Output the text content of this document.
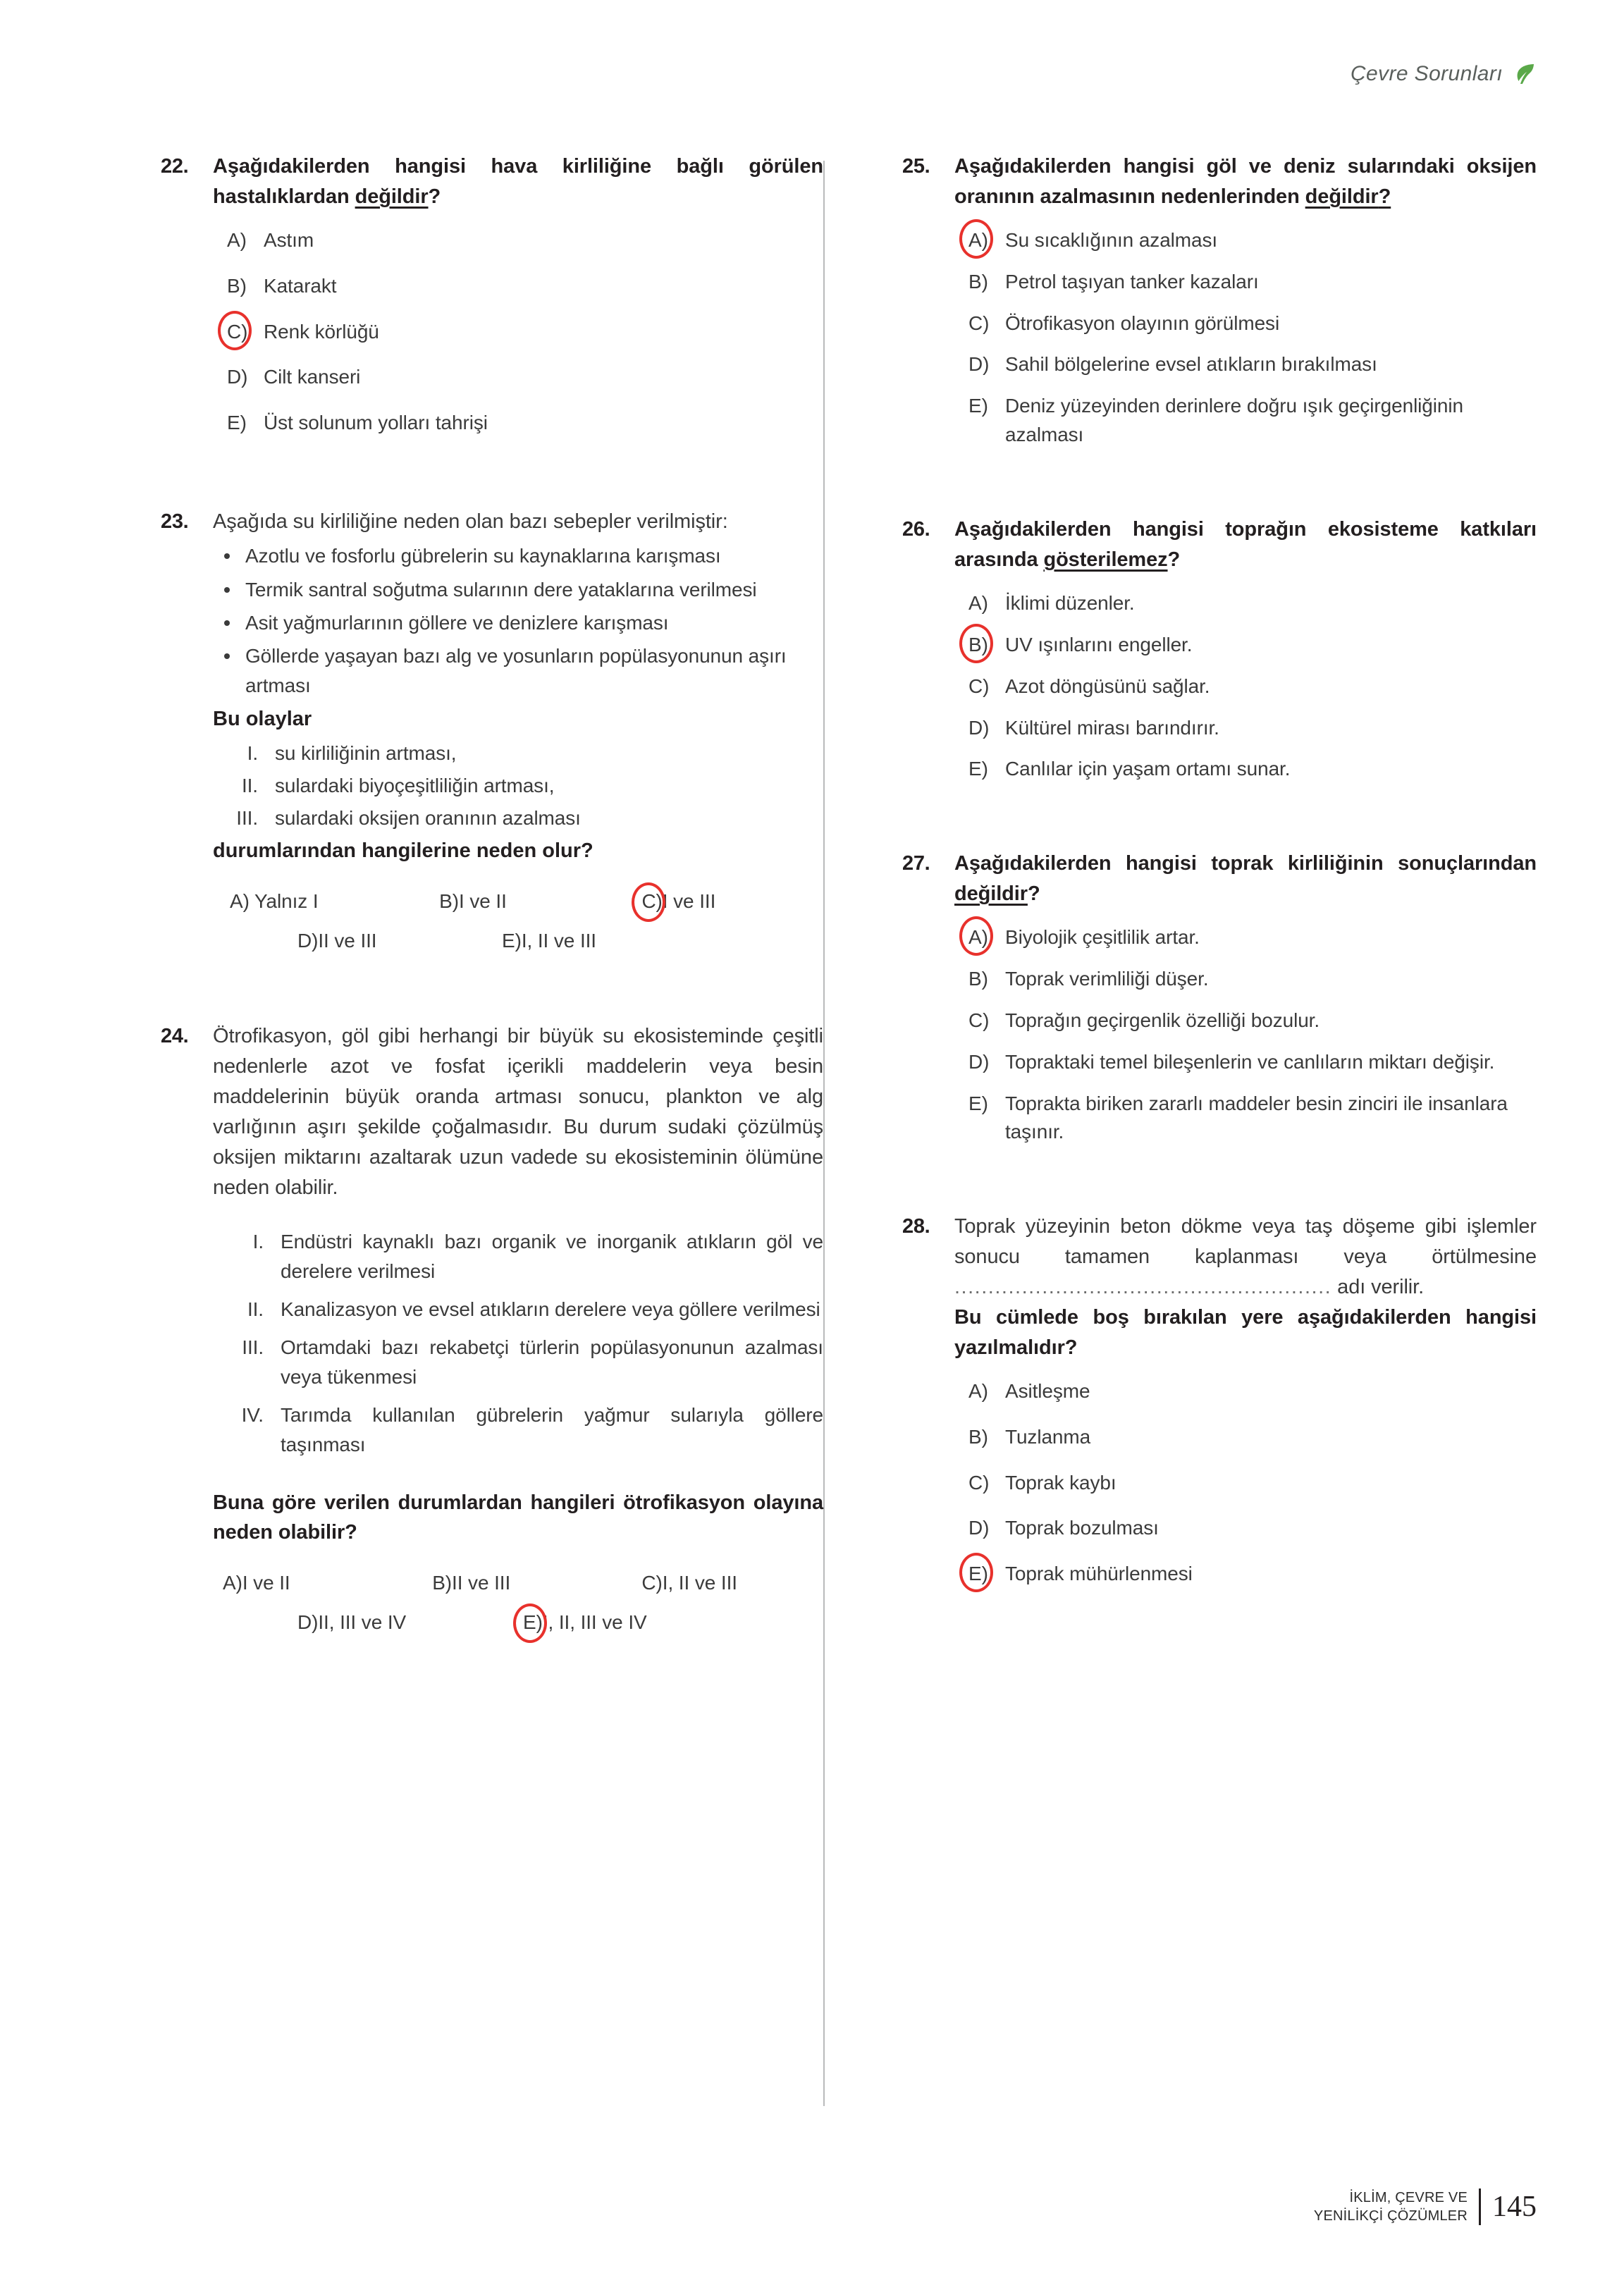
Çevre Sorunları
22.	Aşağıdakilerden hangisi hava kirliliğine bağlı görülen hastalıklardan değildir?
A) Astım
B) Katarakt
C) Renk körlüğü
D) Cilt kanseri
E) Üst solunum yolları tahrişi
23.	Aşağıda su kirliliğine neden olan bazı sebepler verilmiştir:
Azotlu ve fosforlu gübrelerin su kaynaklarına karışması
Termik santral soğutma sularının dere yataklarına verilmesi
Asit yağmurlarının göllere ve denizlere karışması
Göllerde yaşayan bazı alg ve yosunların popülasyonunun aşırı artması
Bu olaylar
I. su kirliliğinin artması,
II. sulardaki biyoçeşitliliğin artması,
III. sulardaki oksijen oranının azalması
durumlarından hangilerine neden olur?
A) Yalnız I	B)I ve II	C)I ve III
D)II ve III	E)I, II ve III
24.	Ötrofikasyon, göl gibi herhangi bir büyük su ekosisteminde çeşitli nedenlerle azot ve fosfat içerikli maddelerin veya besin maddelerinin büyük oranda artması sonucu, plankton ve alg varlığının aşırı şekilde çoğalmasıdır. Bu durum sudaki çözülmüş oksijen miktarını azaltarak uzun vadede su ekosisteminin ölümüne neden olabilir.
I. Endüstri kaynaklı bazı organik ve inorganik atıkların göl ve derelere verilmesi
II. Kanalizasyon ve evsel atıkların derelere veya göllere verilmesi
III. Ortamdaki bazı rekabetçi türlerin popülasyonunun azalması veya tükenmesi
IV. Tarımda kullanılan gübrelerin yağmur sularıyla göllere taşınması
Buna göre verilen durumlardan hangileri ötrofikasyon olayına neden olabilir?
A)I ve II	B)II ve III	C)I, II ve III
D)II, III ve IV	E)I, II, III ve IV
25.	Aşağıdakilerden hangisi göl ve deniz sularındaki oksijen oranının azalmasının nedenlerinden değildir?
A) Su sıcaklığının azalması
B) Petrol taşıyan tanker kazaları
C) Ötrofikasyon olayının görülmesi
D) Sahil bölgelerine evsel atıkların bırakılması
E) Deniz yüzeyinden derinlere doğru ışık geçirgenliğinin azalması
26.	Aşağıdakilerden hangisi toprağın ekosisteme katkıları arasında gösterilemez?
A) İklimi düzenler.
B) UV ışınlarını engeller.
C) Azot döngüsünü sağlar.
D) Kültürel mirası barındırır.
E) Canlılar için yaşam ortamı sunar.
27.	Aşağıdakilerden hangisi toprak kirliliğinin sonuçlarından değildir?
A) Biyolojik çeşitlilik artar.
B) Toprak verimliliği düşer.
C) Toprağın geçirgenlik özelliği bozulur.
D) Topraktaki temel bileşenlerin ve canlıların miktarı değişir.
E) Toprakta biriken zararlı maddeler besin zinciri ile insanlara taşınır.
28.	Toprak yüzeyinin beton dökme veya taş döşeme gibi işlemler sonucu tamamen kaplanması veya örtülmesine ........................................................ adı verilir.
Bu cümlede boş bırakılan yere aşağıdakilerden hangisi yazılmalıdır?
A) Asitleşme
B) Tuzlanma
C) Toprak kaybı
D) Toprak bozulması
E) Toprak mühürlenmesi
İKLİM, ÇEVRE VE
YENİLİKÇİ ÇÖZÜMLER 145
